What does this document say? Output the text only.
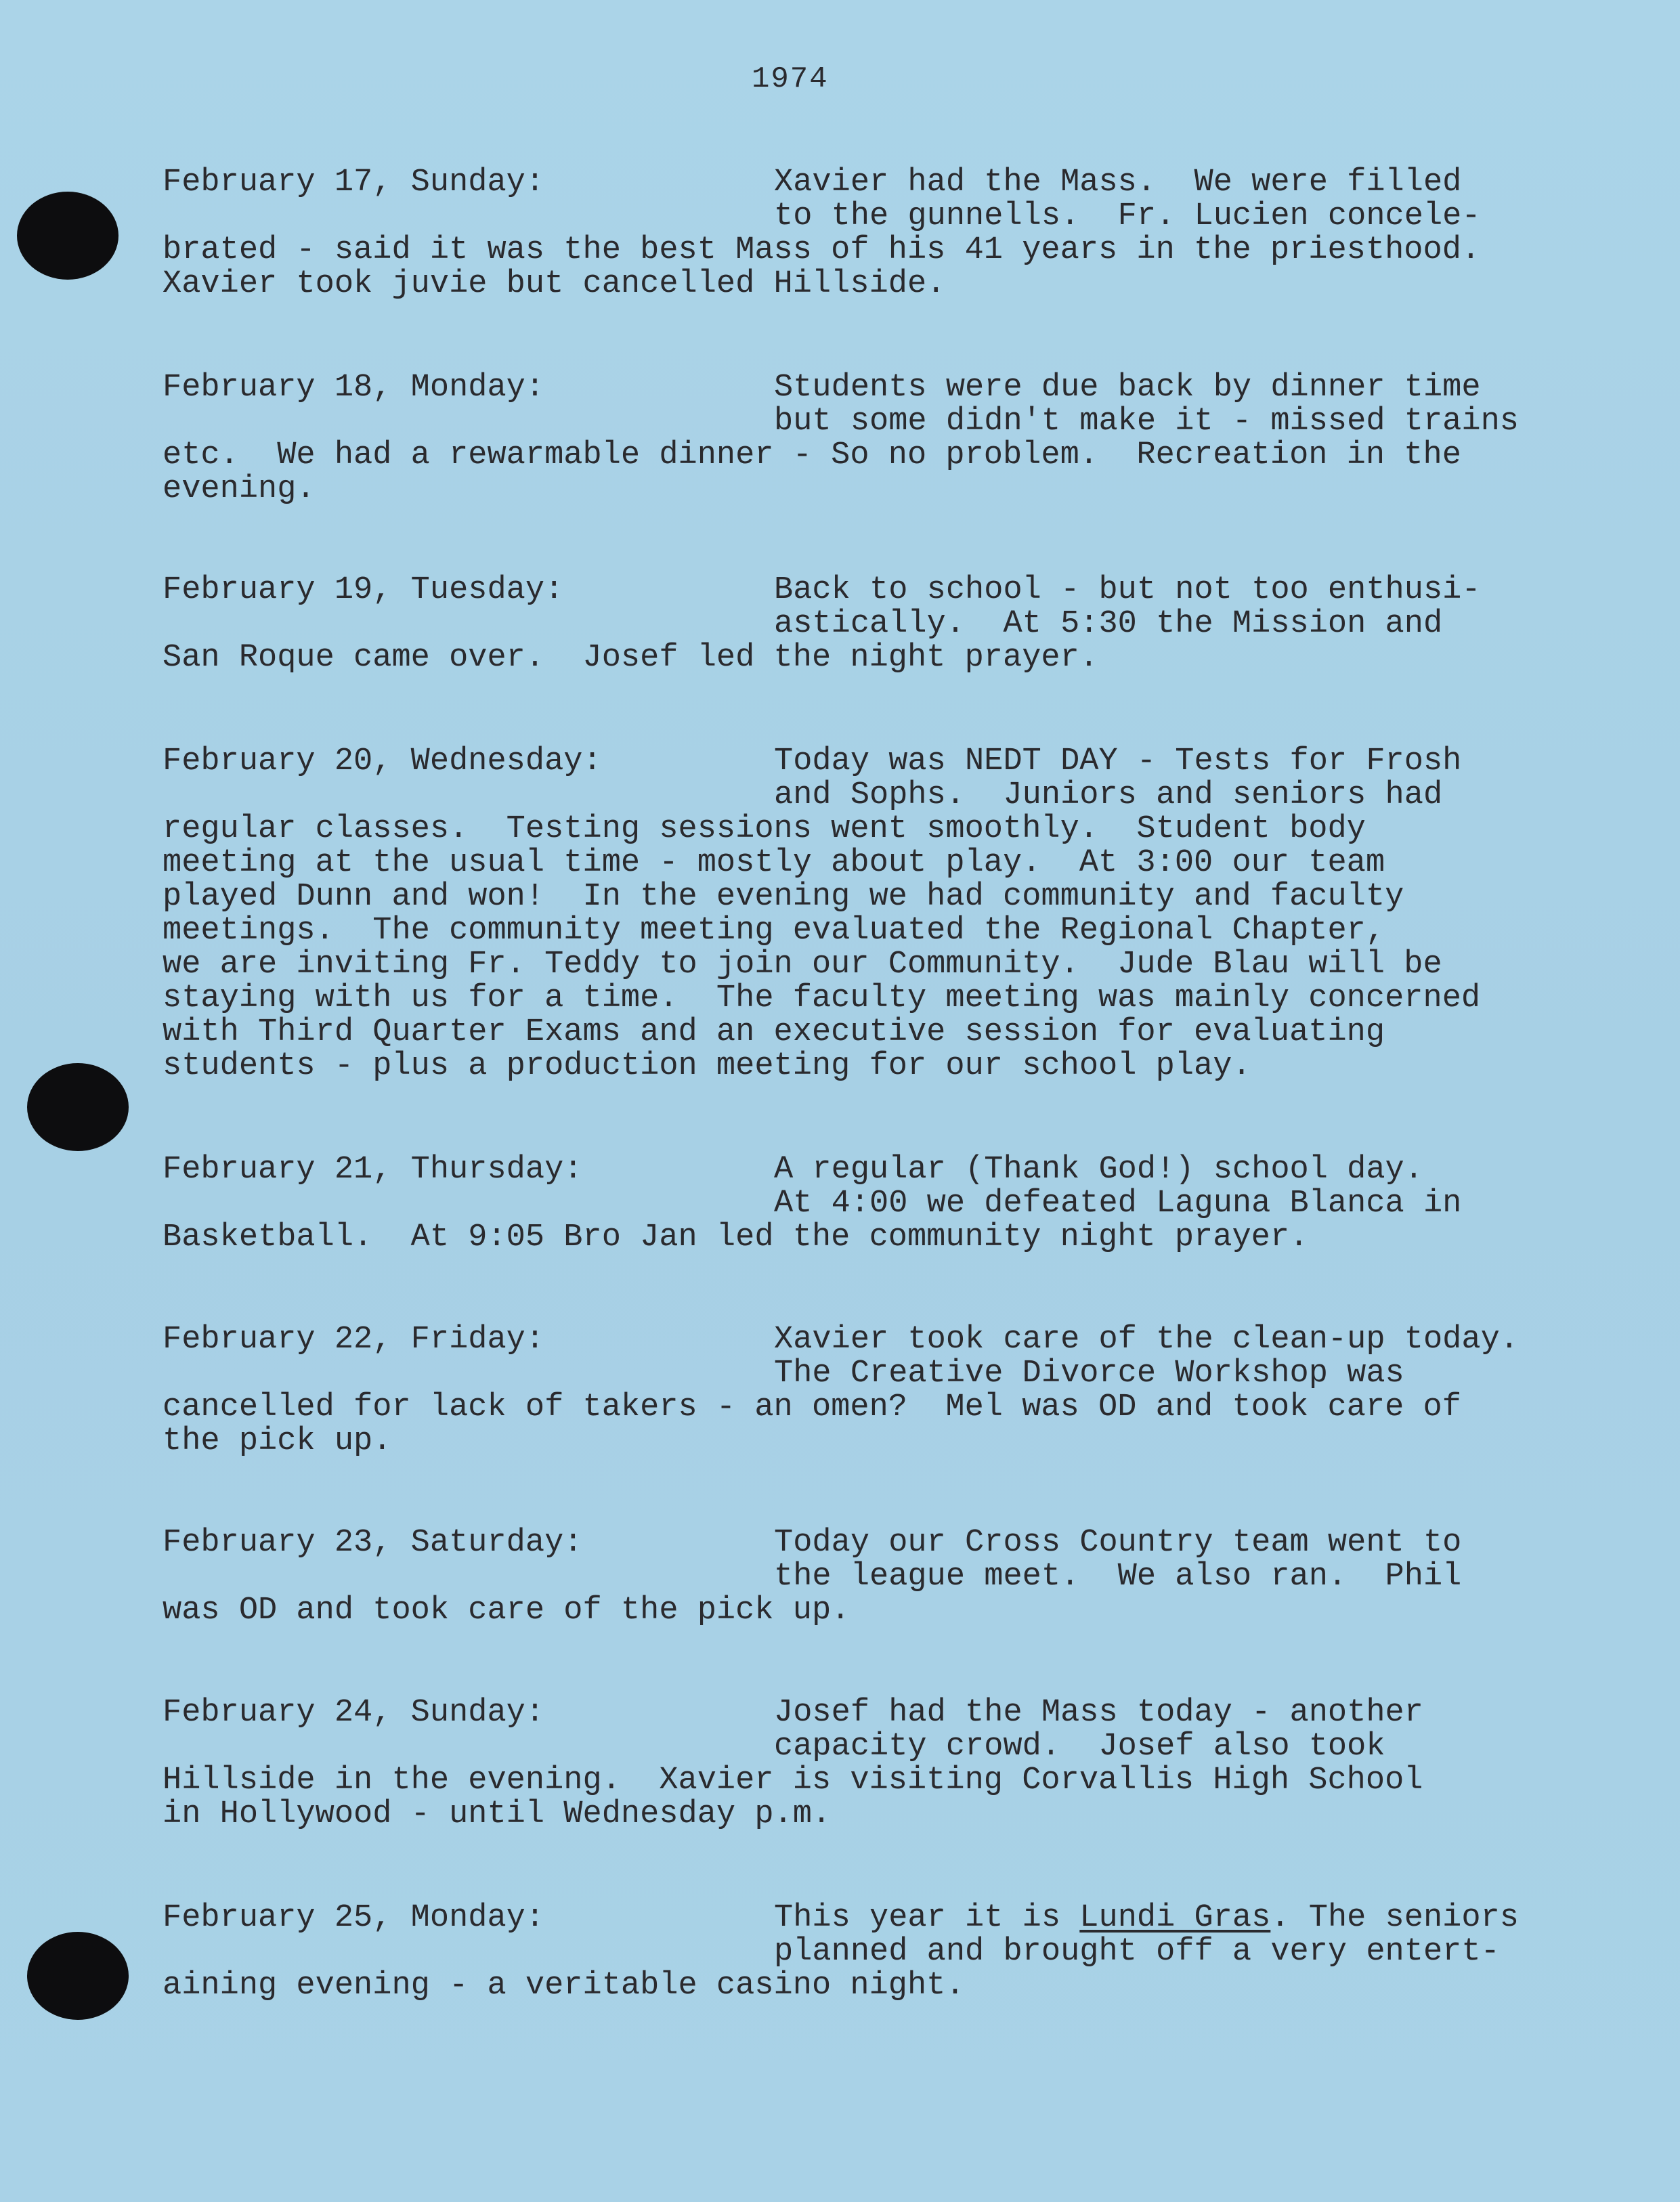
1974
February 17, Sunday:	Xavier had the Mass.  We were filled
to the gunnells.  Fr. Lucien concele-
brated - said it was the best Mass of his 41 years in the priesthood.
Xavier took juvie but cancelled Hillside.
February 18, Monday:	Students were due back by dinner time
but some didn't make it - missed trains
etc.  We had a rewarmable dinner - So no problem.  Recreation in the
evening.
February 19, Tuesday:	Back to school - but not too enthusi-
astically.  At 5:30 the Mission and
San Roque came over.  Josef led the night prayer.
February 20, Wednesday:	Today was NEDT DAY - Tests for Frosh
and Sophs.  Juniors and seniors had
regular classes.  Testing sessions went smoothly.  Student body
meeting at the usual time - mostly about play.  At 3:00 our team
played Dunn and won!  In the evening we had community and faculty
meetings.  The community meeting evaluated the Regional Chapter,
we are inviting Fr. Teddy to join our Community.  Jude Blau will be
staying with us for a time.  The faculty meeting was mainly concerned
with Third Quarter Exams and an executive session for evaluating
students - plus a production meeting for our school play.
February 21, Thursday:	A regular (Thank God!) school day.
At 4:00 we defeated Laguna Blanca in
Basketball.  At 9:05 Bro Jan led the community night prayer.
February 22, Friday:	Xavier took care of the clean-up today.
The Creative Divorce Workshop was
cancelled for lack of takers - an omen?  Mel was OD and took care of
the pick up.
February 23, Saturday:	Today our Cross Country team went to
the league meet.  We also ran.  Phil
was OD and took care of the pick up.
February 24, Sunday:	Josef had the Mass today - another
capacity crowd.  Josef also took
Hillside in the evening.  Xavier is visiting Corvallis High School
in Hollywood - until Wednesday p.m.
February 25, Monday:	This year it is Lundi Gras. The seniors
planned and brought off a very entert-
aining evening - a veritable casino night.
